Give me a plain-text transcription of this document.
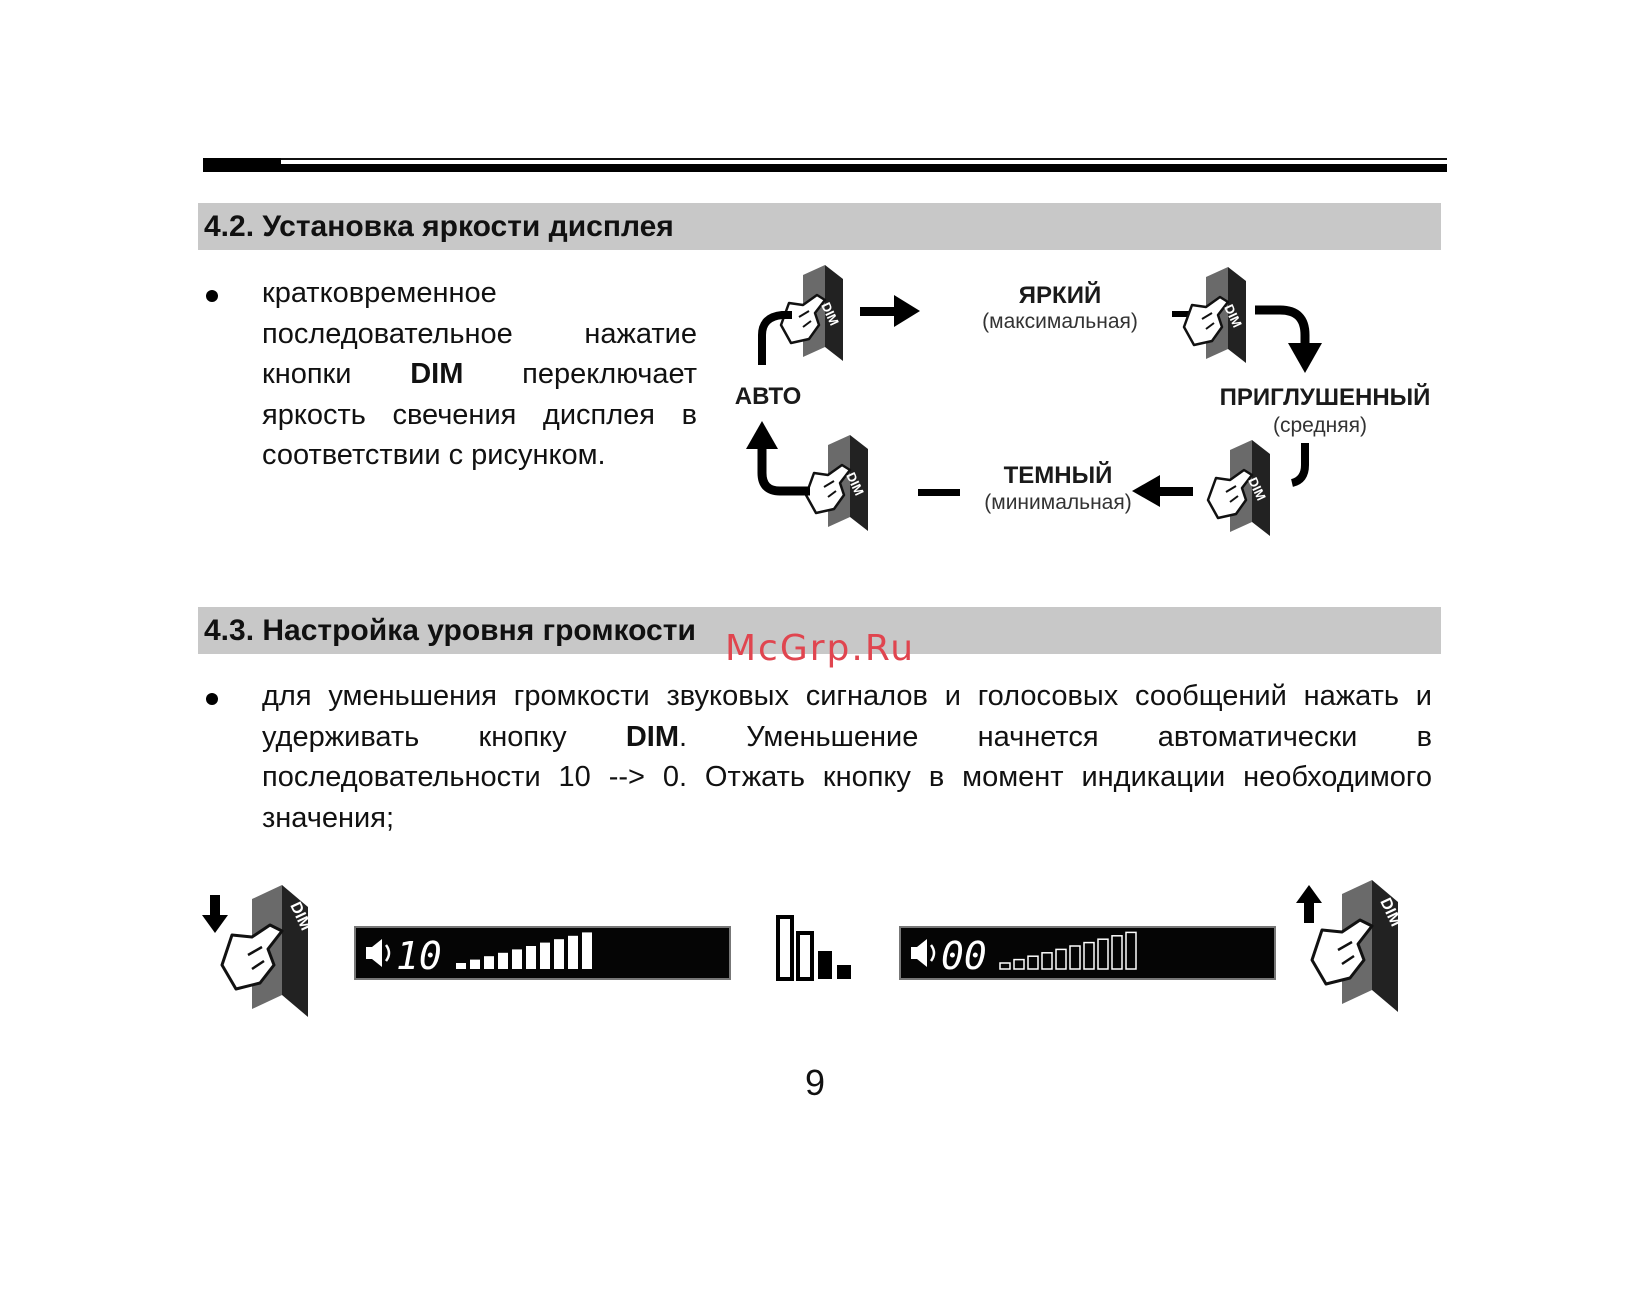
4.2. Установка яркости дисплея
кратковременное последовательное нажатие кнопки DIM переключает яркость свечения дисплея в соответствии с рисунком.
DIM
ЯРКИЙ
(максимальная)	DIM
ПРИГЛУШЕННЫЙ
(средняя)
DIM
ТЕМНЫЙ
(минимальная)
DIM
АВТО
4.3. Настройка уровня громкости
для уменьшения громкости звуковых сигналов и голосовых сообщений нажать и удерживать кнопку DIM. Уменьшение начнется автоматически в последовательности 10 --> 0. Отжать кнопку в момент индикации необходимого значения;
DIM
10	00
DIM
McGrp.Ru
9
